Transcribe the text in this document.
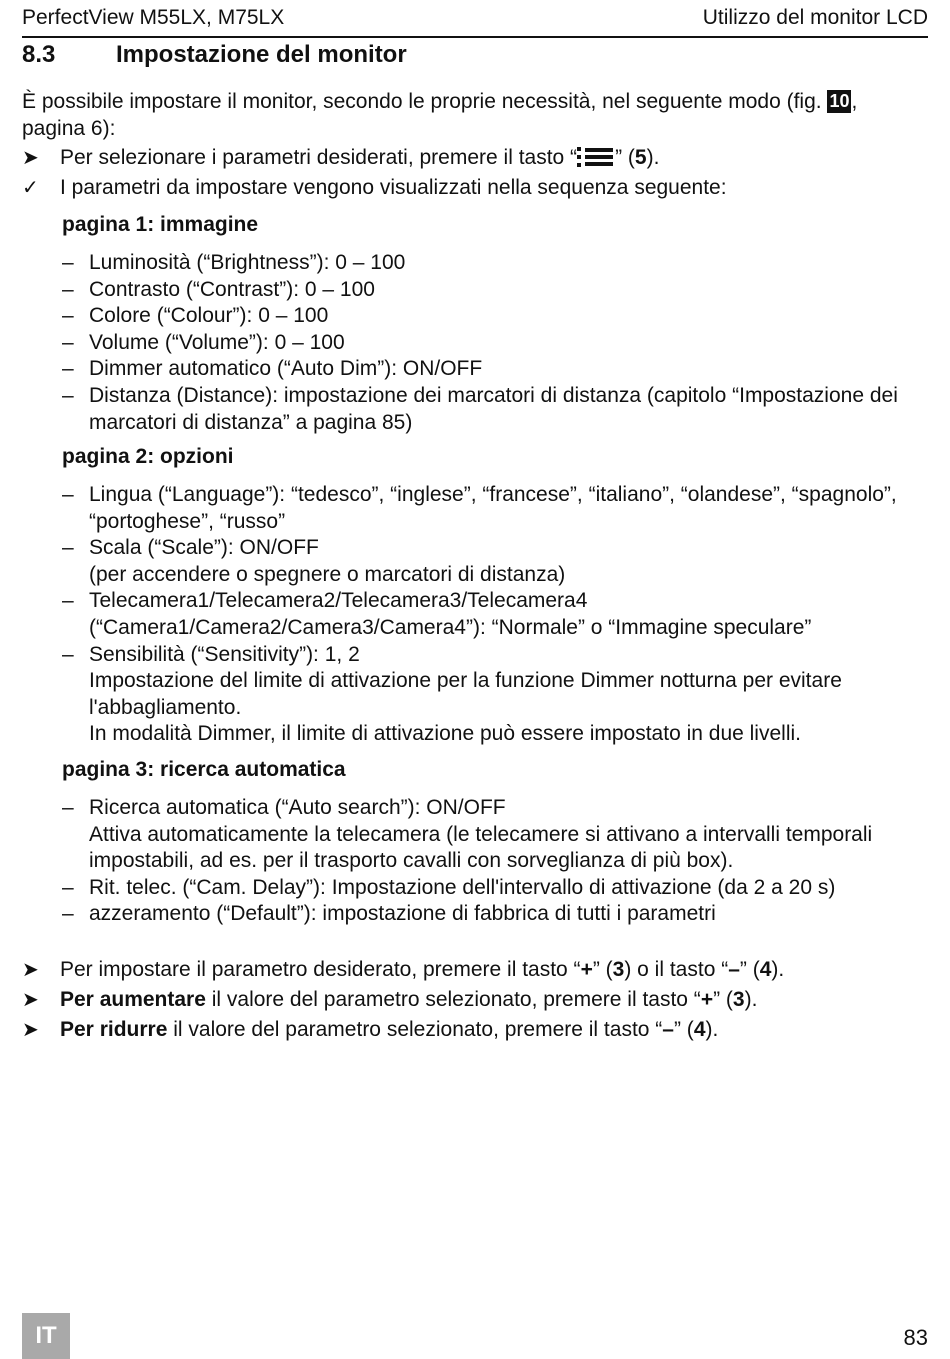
PerfectView M55LX, M75LX	Utilizzo del monitor LCD
8.3	Impostazione del monitor
È possibile impostare il monitor, secondo le proprie necessità, nel seguente modo (fig. 10, pagina 6):
➤	Per selezionare i parametri desiderati, premere il tasto “ ” (5).
✓	I parametri da impostare vengono visualizzati nella sequenza seguente:
pagina 1: immagine
– Luminosità (“Brightness”): 0 – 100
– Contrasto (“Contrast”): 0 – 100
– Colore (“Colour”): 0 – 100
– Volume (“Volume”): 0 – 100
– Dimmer automatico (“Auto Dim”): ON/OFF
– Distanza (Distance): impostazione dei marcatori di distanza (capitolo “Impostazione dei marcatori di distanza” a pagina 85)
pagina 2: opzioni
– Lingua (“Language”): “tedesco”, “inglese”, “francese”, “italiano”, “olandese”, “spagnolo”, “portoghese”, “russo”
– Scala (“Scale”): ON/OFF
(per accendere o spegnere o marcatori di distanza)
– Telecamera1/Telecamera2/Telecamera3/Telecamera4
(“Camera1/Camera2/Camera3/Camera4”): “Normale” o “Immagine speculare”
– Sensibilità (“Sensitivity”): 1, 2
Impostazione del limite di attivazione per la funzione Dimmer notturna per evitare l'abbagliamento.
In modalità Dimmer, il limite di attivazione può essere impostato in due livelli.
pagina 3: ricerca automatica
– Ricerca automatica (“Auto search”): ON/OFF
Attiva automaticamente la telecamera (le telecamere si attivano a intervalli temporali impostabili, ad es. per il trasporto cavalli con sorveglianza di più box).
– Rit. telec. (“Cam. Delay”): Impostazione dell'intervallo di attivazione (da 2 a 20 s)
– azzeramento (“Default”): impostazione di fabbrica di tutti i parametri
➤	Per impostare il parametro desiderato, premere il tasto “+” (3) o il tasto “–” (4).
➤	Per aumentare il valore del parametro selezionato, premere il tasto “+” (3).
➤	Per ridurre il valore del parametro selezionato, premere il tasto “–” (4).
IT	83
